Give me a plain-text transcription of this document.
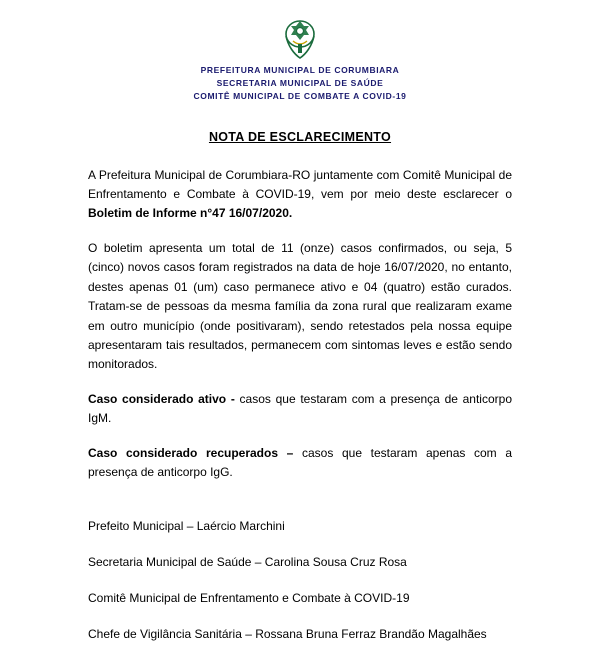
PREFEITURA MUNICIPAL DE CORUMBIARA
SECRETARIA MUNICIPAL DE SAÚDE
COMITÊ MUNICIPAL DE COMBATE A COVID-19
NOTA DE ESCLARECIMENTO

A Prefeitura Municipal de Corumbiara-RO juntamente com Comitê Municipal de Enfrentamento e Combate à COVID-19, vem por meio deste esclarecer o Boletim de Informe n°47 16/07/2020.

O boletim apresenta um total de 11 (onze) casos confirmados, ou seja, 5 (cinco) novos casos foram registrados na data de hoje 16/07/2020, no entanto, destes apenas 01 (um) caso permanece ativo e 04 (quatro) estão curados. Tratam-se de pessoas da mesma família da zona rural que realizaram exame em outro município (onde positivaram), sendo retestados pela nossa equipe apresentaram tais resultados, permanecem com sintomas leves e estão sendo monitorados.

Caso considerado ativo - casos que testaram com a presença de anticorpo IgM.

Caso considerado recuperados – casos que testaram apenas com a presença de anticorpo IgG.

Prefeito Municipal – Laércio Marchini

Secretaria Municipal de Saúde – Carolina Sousa Cruz Rosa

Comitê Municipal de Enfrentamento e Combate à COVID-19

Chefe de Vigilância Sanitária – Rossana Bruna Ferraz Brandão Magalhães
